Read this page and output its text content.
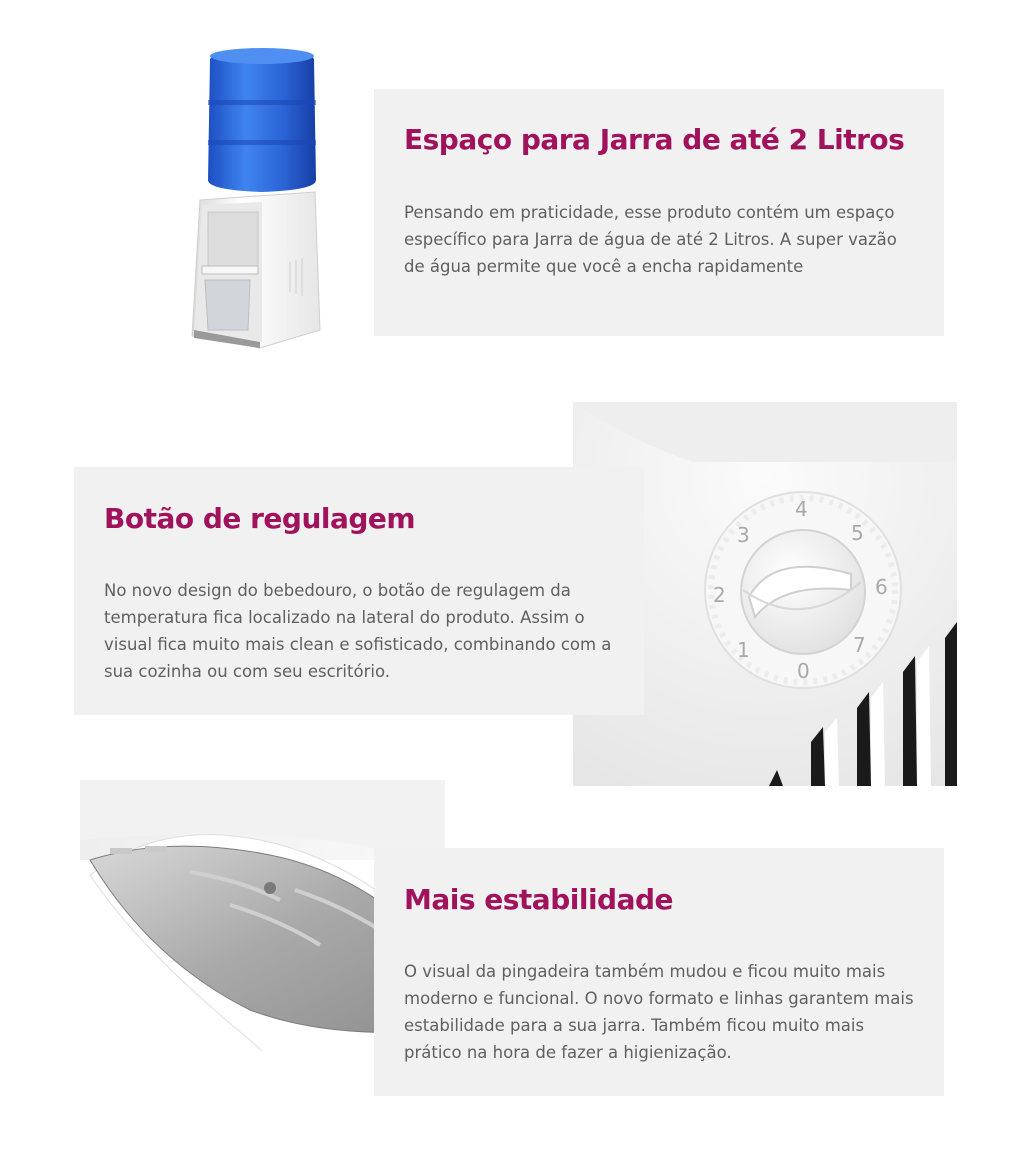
Espaço para Jarra de até 2 Litros

Pensando em praticidade, esse produto contém um espaço específico para Jarra de água de até 2 Litros. A super vazão de água permite que você a encha rapidamente

0
1
2
3
4
5
6
7
Botão de regulagem

No novo design do bebedouro, o botão de regulagem da temperatura fica localizado na lateral do produto. Assim o visual fica muito mais clean e sofisticado, combinando com a sua cozinha ou com seu escritório.

Mais estabilidade

O visual da pingadeira também mudou e ficou muito mais moderno e funcional. O novo formato e linhas garantem mais estabilidade para a sua jarra. Também ficou muito mais prático na hora de fazer a higienização.
